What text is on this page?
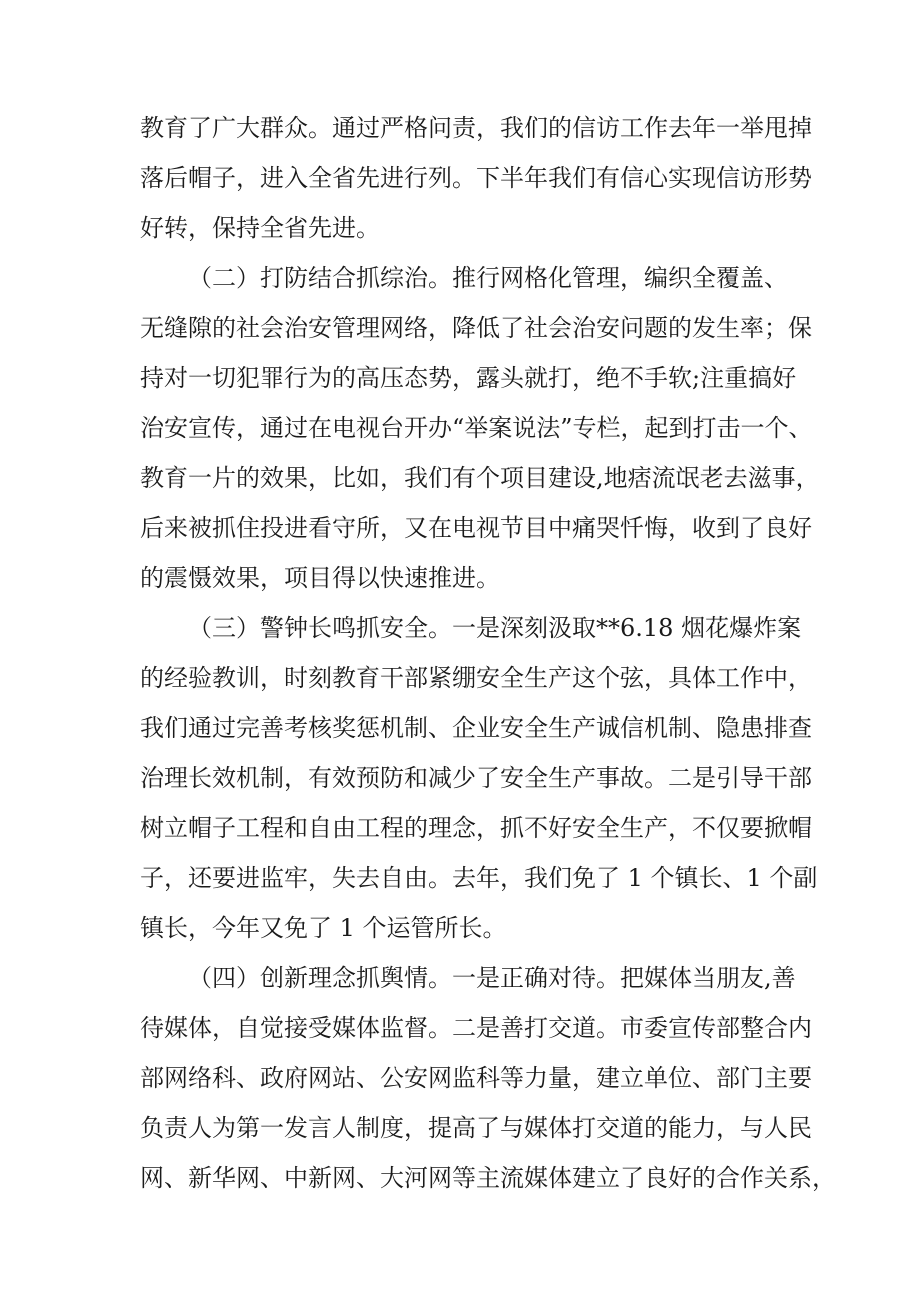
教育了广大群众。通过严格问责，我们的信访工作去年一举甩掉
落后帽子，进入全省先进行列。下半年我们有信心实现信访形势
好转，保持全省先进。
（二）打防结合抓综治。推行网格化管理，编织全覆盖、
无缝隙的社会治安管理网络，降低了社会治安问题的发生率；保
持对一切犯罪行为的高压态势，露头就打，绝不手软;注重搞好
治安宣传，通过在电视台开办“举案说法”专栏，起到打击一个、
教育一片的效果，比如，我们有个项目建设,地痞流氓老去滋事，
后来被抓住投进看守所，又在电视节目中痛哭忏悔，收到了良好
的震慑效果，项目得以快速推进。
（三）警钟长鸣抓安全。一是深刻汲取**6.18 烟花爆炸案
的经验教训，时刻教育干部紧绷安全生产这个弦，具体工作中，
我们通过完善考核奖惩机制、企业安全生产诚信机制、隐患排查
治理长效机制，有效预防和减少了安全生产事故。二是引导干部
树立帽子工程和自由工程的理念，抓不好安全生产，不仅要掀帽
子，还要进监牢，失去自由。去年，我们免了 1 个镇长、1 个副
镇长，今年又免了 1 个运管所长。
（四）创新理念抓舆情。一是正确对待。把媒体当朋友,善
待媒体，自觉接受媒体监督。二是善打交道。市委宣传部整合内
部网络科、政府网站、公安网监科等力量，建立单位、部门主要
负责人为第一发言人制度，提高了与媒体打交道的能力，与人民
网、新华网、中新网、大河网等主流媒体建立了良好的合作关系，
